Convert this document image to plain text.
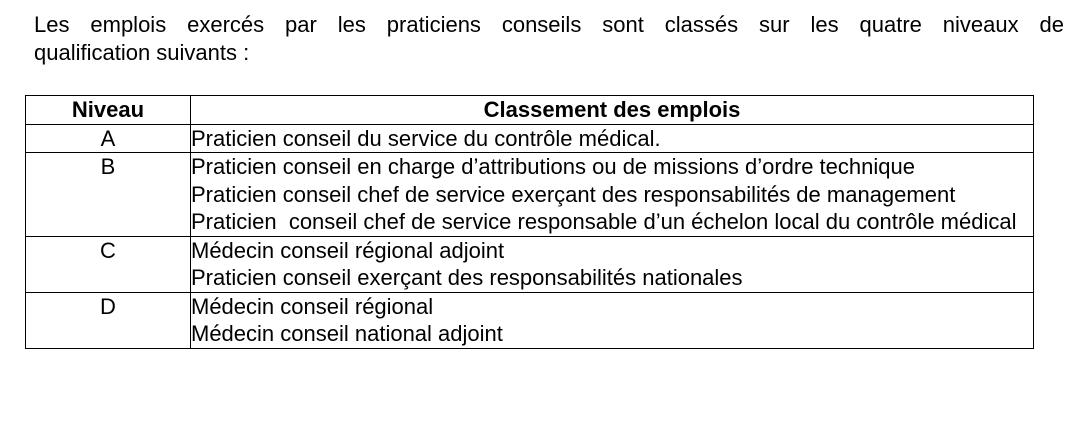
Les emplois exercés par les praticiens conseils sont classés sur les quatre niveaux de
qualification suivants :

Niveau	Classement des emplois
A	Praticien conseil du service du contrôle médical.

B	Praticien conseil en charge d’attributions ou de missions d’ordre technique
Praticien conseil chef de service exerçant des responsabilités de management
Praticien  conseil chef de service responsable d’un échelon local du contrôle médical

C	Médecin conseil régional adjoint
Praticien conseil exerçant des responsabilités nationales

D	Médecin conseil régional
Médecin conseil national adjoint
